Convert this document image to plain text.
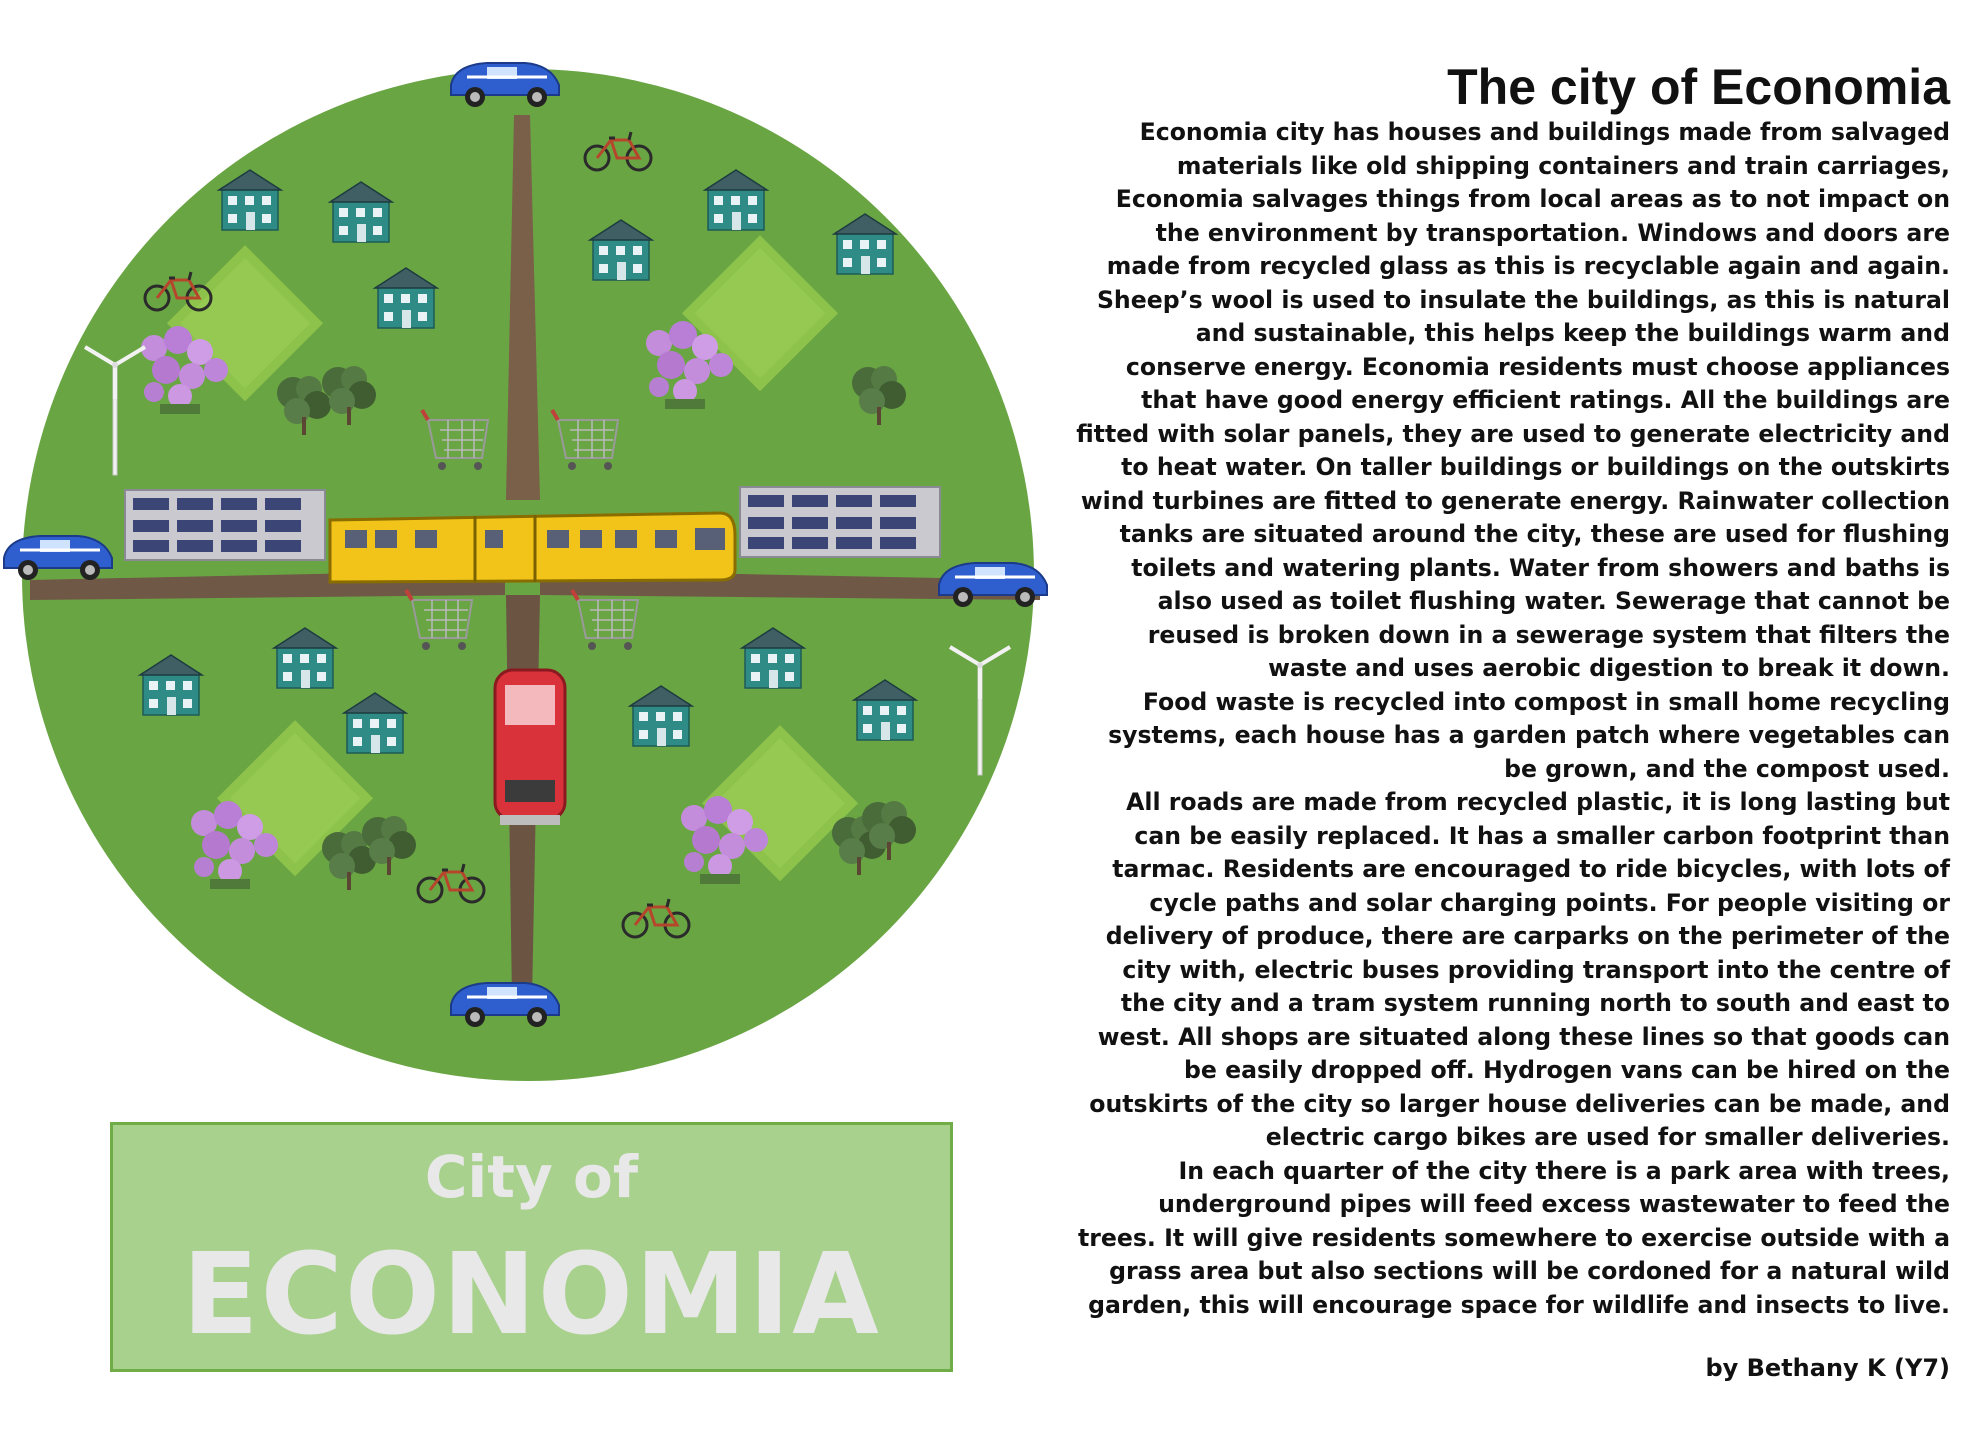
City of
ECONOMIA
The city of Economia
Economia city has houses and buildings made from salvaged
materials like old shipping containers and train carriages,
Economia salvages things from local areas as to not impact on
the environment by transportation. Windows and doors are
made from recycled glass as this is recyclable again and again.
Sheep’s wool is used to insulate the buildings, as this is natural
and sustainable, this helps keep the buildings warm and
conserve energy. Economia residents must choose appliances
that have good energy efficient ratings. All the buildings are
fitted with solar panels, they are used to generate electricity and
to heat water. On taller buildings or buildings on the outskirts
wind turbines are fitted to generate energy. Rainwater collection
tanks are situated around the city, these are used for flushing
toilets and watering plants. Water from showers and baths is
also used as toilet flushing water. Sewerage that cannot be
reused is broken down in a sewerage system that filters the
waste and uses aerobic digestion to break it down.
Food waste is recycled into compost in small home recycling
systems, each house has a garden patch where vegetables can
be grown, and the compost used.
All roads are made from recycled plastic, it is long lasting but
can be easily replaced. It has a smaller carbon footprint than
tarmac. Residents are encouraged to ride bicycles, with lots of
cycle paths and solar charging points. For people visiting or
delivery of produce, there are carparks on the perimeter of the
city with, electric buses providing transport into the centre of
the city and a tram system running north to south and east to
west. All shops are situated along these lines so that goods can
be easily dropped off. Hydrogen vans can be hired on the
outskirts of the city so larger house deliveries can be made, and
electric cargo bikes are used for smaller deliveries.
In each quarter of the city there is a park area with trees,
underground pipes will feed excess wastewater to feed the
trees. It will give residents somewhere to exercise outside with a
grass area but also sections will be cordoned for a natural wild
garden, this will encourage space for wildlife and insects to live.
by Bethany K (Y7)
